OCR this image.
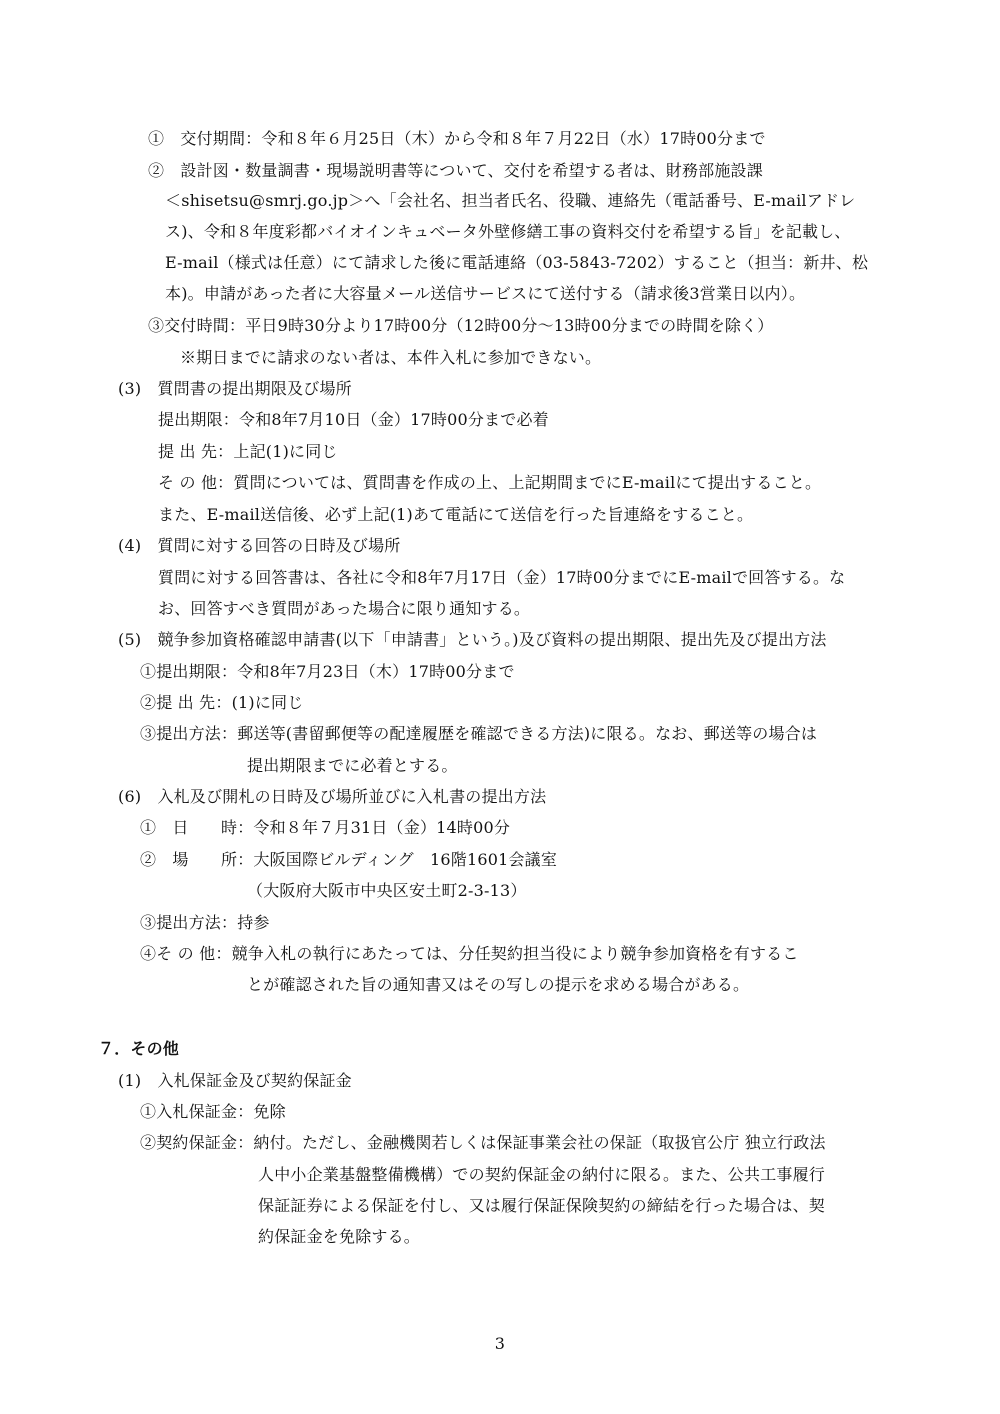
①　交付期間：令和８年６月25日（木）から令和８年７月22日（水）17時00分まで
②　設計図・数量調書・現場説明書等について、交付を希望する者は、財務部施設課
＜shisetsu@smrj.go.jp＞へ「会社名、担当者氏名、役職、連絡先（電話番号、E-mailアドレ
ス)、令和８年度彩都バイオインキュベータ外壁修繕工事の資料交付を希望する旨」を記載し、
E-mail（様式は任意）にて請求した後に電話連絡（03-5843-7202）すること（担当：新井、松
本)。申請があった者に大容量メール送信サービスにて送付する（請求後3営業日以内）。
③交付時間：平日9時30分より17時00分（12時00分～13時00分までの時間を除く）
※期日までに請求のない者は、本件入札に参加できない。
(3)　質問書の提出期限及び場所
提出期限：令和8年7月10日（金）17時00分まで必着
提 出 先：上記(1)に同じ
そ の 他：質問については、質問書を作成の上、上記期間までにE-mailにて提出すること。
また、E-mail送信後、必ず上記(1)あて電話にて送信を行った旨連絡をすること。
(4)　質問に対する回答の日時及び場所
質問に対する回答書は、各社に令和8年7月17日（金）17時00分までにE-mailで回答する。な
お、回答すべき質問があった場合に限り通知する。
(5)　競争参加資格確認申請書(以下「申請書」という。)及び資料の提出期限、提出先及び提出方法
①提出期限：令和8年7月23日（木）17時00分まで
②提 出 先：(1)に同じ
③提出方法：郵送等(書留郵便等の配達履歴を確認できる方法)に限る。なお、郵送等の場合は
提出期限までに必着とする。
(6)　入札及び開札の日時及び場所並びに入札書の提出方法
①　日　　時：令和８年７月31日（金）14時00分
②　場　　所：大阪国際ビルディング　16階1601会議室
（大阪府大阪市中央区安土町2-3-13）
③提出方法：持参
④そ の 他：競争入札の執行にあたっては、分任契約担当役により競争参加資格を有するこ
とが確認された旨の通知書又はその写しの提示を求める場合がある。
７．その他
(1)　入札保証金及び契約保証金
①入札保証金：免除
②契約保証金：納付。ただし、金融機関若しくは保証事業会社の保証（取扱官公庁 独立行政法
人中小企業基盤整備機構）での契約保証金の納付に限る。また、公共工事履行
保証証券による保証を付し、又は履行保証保険契約の締結を行った場合は、契
約保証金を免除する。
3
